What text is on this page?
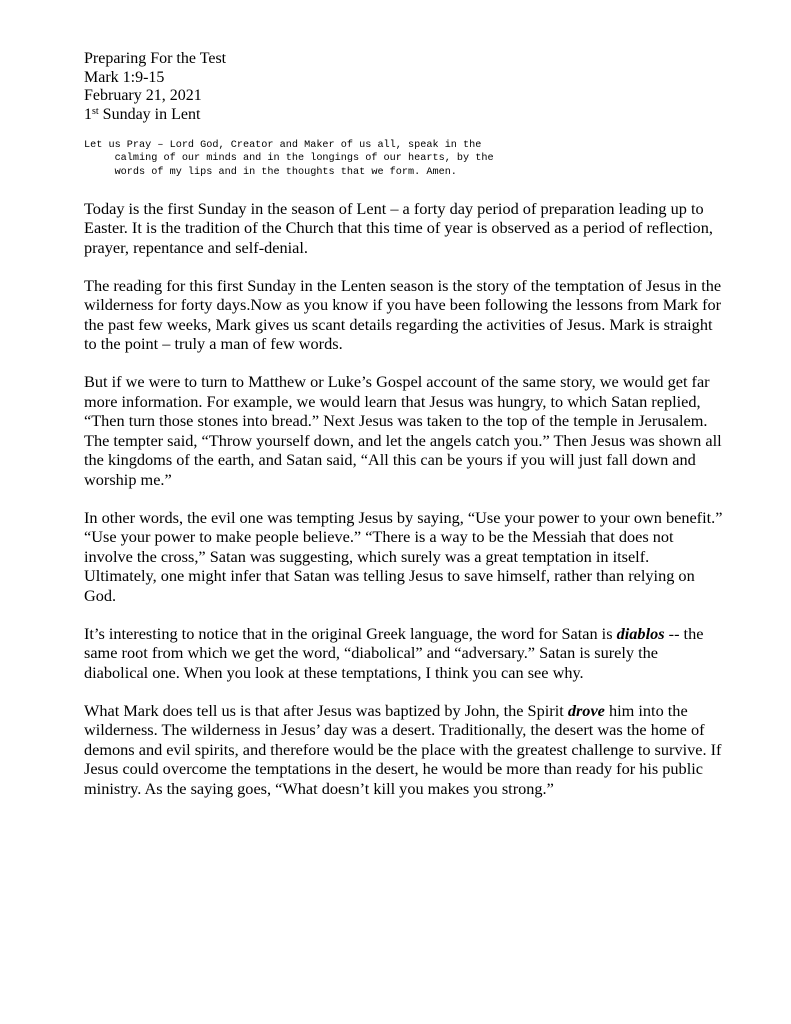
Preparing For the Test
Mark 1:9-15
February 21, 2021
1st Sunday in Lent
Let us Pray – Lord God, Creator and Maker of us all, speak in the
calming of our minds and in the longings of our hearts, by the
words of my lips and in the thoughts that we form. Amen.

Today is the first Sunday in the season of Lent – a forty day period of preparation leading up to Easter. It is the tradition of the Church that this time of year is observed as a period of reflection, prayer, repentance and self-denial.

The reading for this first Sunday in the Lenten season is the story of the temptation of Jesus in the wilderness for forty days.Now as you know if you have been following the lessons from Mark for the past few weeks, Mark gives us scant details regarding the activities of Jesus. Mark is straight to the point – truly a man of few words.

But if we were to turn to Matthew or Luke’s Gospel account of the same story, we would get far more information. For example, we would learn that Jesus was hungry, to which Satan replied, “Then turn those stones into bread.” Next Jesus was taken to the top of the temple in Jerusalem. The tempter said, “Throw yourself down, and let the angels catch you.” Then Jesus was shown all the kingdoms of the earth, and Satan said, “All this can be yours if you will just fall down and worship me.”

In other words, the evil one was tempting Jesus by saying, “Use your power to your own benefit.” “Use your power to make people believe.” “There is a way to be the Messiah that does not involve the cross,” Satan was suggesting, which surely was a great temptation in itself. Ultimately, one might infer that Satan was telling Jesus to save himself, rather than relying on God.

It’s interesting to notice that in the original Greek language, the word for Satan is diablos -- the same root from which we get the word, “diabolical” and “adversary.” Satan is surely the diabolical one. When you look at these temptations, I think you can see why.

What Mark does tell us is that after Jesus was baptized by John, the Spirit drove him into the wilderness. The wilderness in Jesus’ day was a desert. Traditionally, the desert was the home of demons and evil spirits, and therefore would be the place with the greatest challenge to survive. If Jesus could overcome the temptations in the desert, he would be more than ready for his public ministry. As the saying goes, “What doesn’t kill you makes you strong.”
